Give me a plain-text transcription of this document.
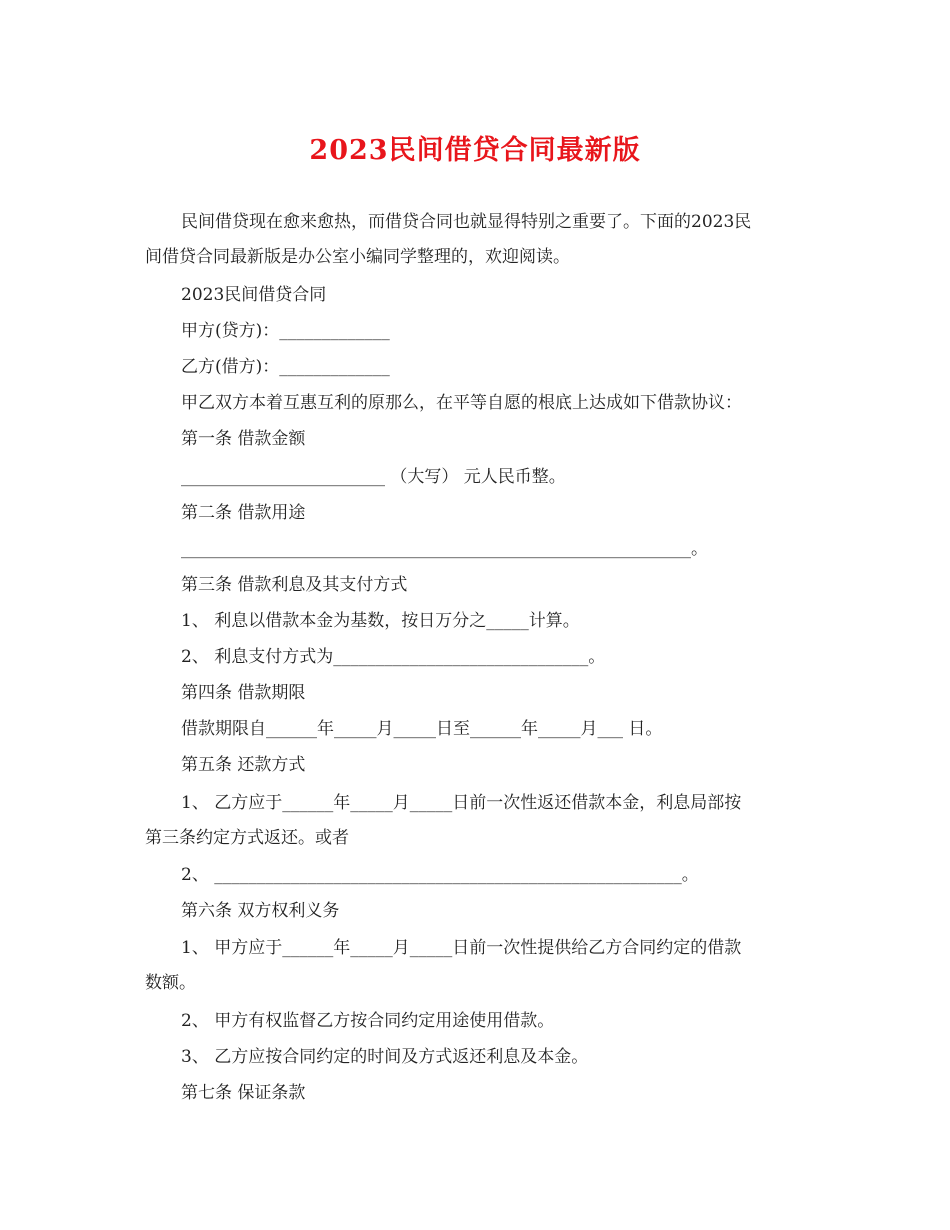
2023民间借贷合同最新版
民间借贷现在愈来愈热，而借贷合同也就显得特别之重要了。下面的2023民
间借贷合同最新版是办公室小编同学整理的，欢迎阅读。
2023民间借贷合同
甲方(贷方)：_____________
乙方(借方)：_____________
甲乙双方本着互惠互利的原那么，在平等自愿的根底上达成如下借款协议：
第一条 借款金额
________________________ （大写） 元人民币整。
第二条 借款用途
____________________________________________________________。
第三条 借款利息及其支付方式
1、 利息以借款本金为基数，按日万分之_____计算。
2、 利息支付方式为______________________________。
第四条 借款期限
借款期限自______年_____月_____日至______年_____月___ 日。
第五条 还款方式
1、 乙方应于______年_____月_____日前一次性返还借款本金，利息局部按
第三条约定方式返还。或者
2、 _______________________________________________________。
第六条 双方权利义务
1、 甲方应于______年_____月_____日前一次性提供给乙方合同约定的借款
数额。
2、 甲方有权监督乙方按合同约定用途使用借款。
3、 乙方应按合同约定的时间及方式返还利息及本金。
第七条 保证条款
